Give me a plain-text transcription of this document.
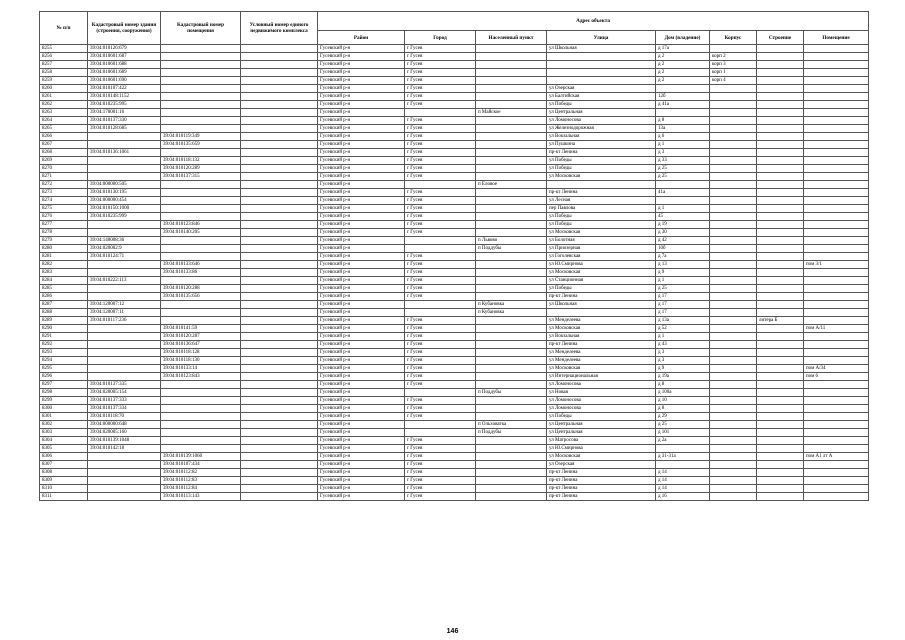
№ п/п	Кадастровый номер здания (строения, сооружения)	Кадастровый номер помещения	Условный номер единого недвижимого комплекса	Адрес объекта							
				Район	Город	Населенный пункт	Улица	Дом (владение)	Корпус	Строение	Помещение
8255	39:04:010126:679			Гусевский р-н	г Гусев		ул Школьная	д 17а			
8256	39:04:010601:687			Гусевский р-н	г Гусев			д 2	корп 2		
8257	39:04:010601:688			Гусевский р-н	г Гусев			д 2	корп 3		
8258	39:04:010601:689			Гусевский р-н	г Гусев			д 2	корп 1		
8259	39:04:010601:690			Гусевский р-н	г Гусев			д 2	корп 4		
8260	39:04:010107:422			Гусевский р-н	г Гусев		ул Озерская				
8261	39:04:010148:1152			Гусевский р-н	г Гусев		ул Балтийская	12б			
8262	39:04:010235:995			Гусевский р-н	г Гусев		ул Победы	д 41а			
8263	39:04:170001:16			Гусевский р-н		п Майское	ул Центральная				
8264	39:04:010137:330			Гусевский р-н	г Гусев		ул Ломоносова	д 8			
8265	39:04:010128:685			Гусевский р-н	г Гусев		ул Железнодорожная	13а			
8266		39:04:010119:349		Гусевский р-н	г Гусев		ул Вокзальная	д 6			
8267		39:04:010135:659		Гусевский р-н	г Гусев		ул Пушкина	д 1			
8268	39:04:010136:1061			Гусевский р-н	г Гусев		пр-кт Ленина	д 3			
8269		39:04:010118:132		Гусевский р-н	г Гусев		ул Победы	д 33			
8270		39:04:010120:289		Гусевский р-н	г Гусев		ул Победы	д 25			
8271		39:04:010137:315		Гусевский р-н	г Гусев		ул Московская	д 25			
8272	39:04:000000:505			Гусевский р-н		п Еловое					
8273	39:04:010130:195			Гусевский р-н	г Гусев		пр-кт Ленина	41а			
8274	39:04:000000:454			Гусевский р-н	г Гусев		ул Лесная				
8275	39:04:010150:1000			Гусевский р-н	г Гусев		пер Павлова	д 1			
8276	39:04:010235:999			Гусевский р-н	г Гусев		ул Победы	45			
8277		39:04:010123:846		Гусевский р-н	г Гусев		ул Победы	д 19			
8278		39:04:010140:205		Гусевский р-н	г Гусев		ул Московская	д 30			
8279	39:04:140008:36			Гусевский р-н		п Львово	ул Болотная	д 42			
8280	39:04:020002:9			Гусевский р-н		п Поддубы	ул Приозерная	10б			
8281	39:04:010124:71			Гусевский р-н	г Гусев		ул Гоголевская	д 7а			
8282		39:04:010133:646		Гусевский р-н	г Гусев		ул Ю.Смирнова	д 13			пом 3/1
8283		39:04:010133:86		Гусевский р-н	г Гусев		ул Московская	д 9			
8284	39:04:010222:113			Гусевский р-н	г Гусев		ул Станционная	д 1			
8285		39:04:010120:288		Гусевский р-н	г Гусев		ул Победы	д 25			
8286		39:04:010135:656		Гусевский р-н	г Гусев		пр-кт Ленина	д 17			
8287	39:04:120007:12			Гусевский р-н		п Кубановка	ул Школьная	д 17			
8288	39:04:120007:11			Гусевский р-н		п Кубановка		д 17			
8289	39:04:010117:236			Гусевский р-н	г Гусев		ул Менделеева	д 13а		литера Б	
8290		39:04:010141:59		Гусевский р-н	г Гусев		ул Московская	д 52			пом А/11
8291		39:04:010120:287		Гусевский р-н	г Гусев		ул Вокзальная	д 1			
8292		39:04:010136:647		Гусевский р-н	г Гусев		пр-кт Ленина	д 43			
8293		39:04:010118:128		Гусевский р-н	г Гусев		ул Менделеева	д 3			
8294		39:04:010118:130		Гусевский р-н	г Гусев		ул Менделеева	д 3			
8295		39:04:010133:14		Гусевский р-н	г Гусев		ул Московская	д 9			пом А/34
8296		39:04:010123:843		Гусевский р-н	г Гусев		ул Интернациональная	д 19а			пом 6
8297	39:04:010137:335			Гусевский р-н	г Гусев		ул Ломоносова	д 8			
8298	39:04:020005:154			Гусевский р-н		п Поддубы	ул Новая	д 100а			
8299	39:04:010137:333			Гусевский р-н	г Гусев		ул Ломоносова	д 10			
8300	39:04:010137:334			Гусевский р-н	г Гусев		ул Ломоносова	д 8			
8301	39:04:010118:70			Гусевский р-н	г Гусев		ул Победы	д 29			
8302	39:04:000000:648			Гусевский р-н		п Ольховатка	ул Центральная	д 25			
8303	39:04:020005:160			Гусевский р-н		п Поддубы	ул Центральная	д 101			
8304	39:04:010139:1048			Гусевский р-н	г Гусев		ул Матросова	д 2а			
8305	39:04:010142:18			Гусевский р-н	г Гусев		ул Ю.Смирнова				
8306		39:04:010139:1060		Гусевский р-н	г Гусев		ул Московская	д 31-31а			пом А1 лт А
8307		39:04:010107:434		Гусевский р-н	г Гусев		ул Озерская				
8308		39:04:010112:82		Гусевский р-н	г Гусев		пр-кт Ленина	д 14			
8309		39:04:010112:83		Гусевский р-н	г Гусев		пр-кт Ленина	д 14			
8310		39:04:010112:84		Гусевский р-н	г Гусев		пр-кт Ленина	д 14			
8311		39:04:010113:143		Гусевский р-н	г Гусев		пр-кт Ленина	д 16			
146
